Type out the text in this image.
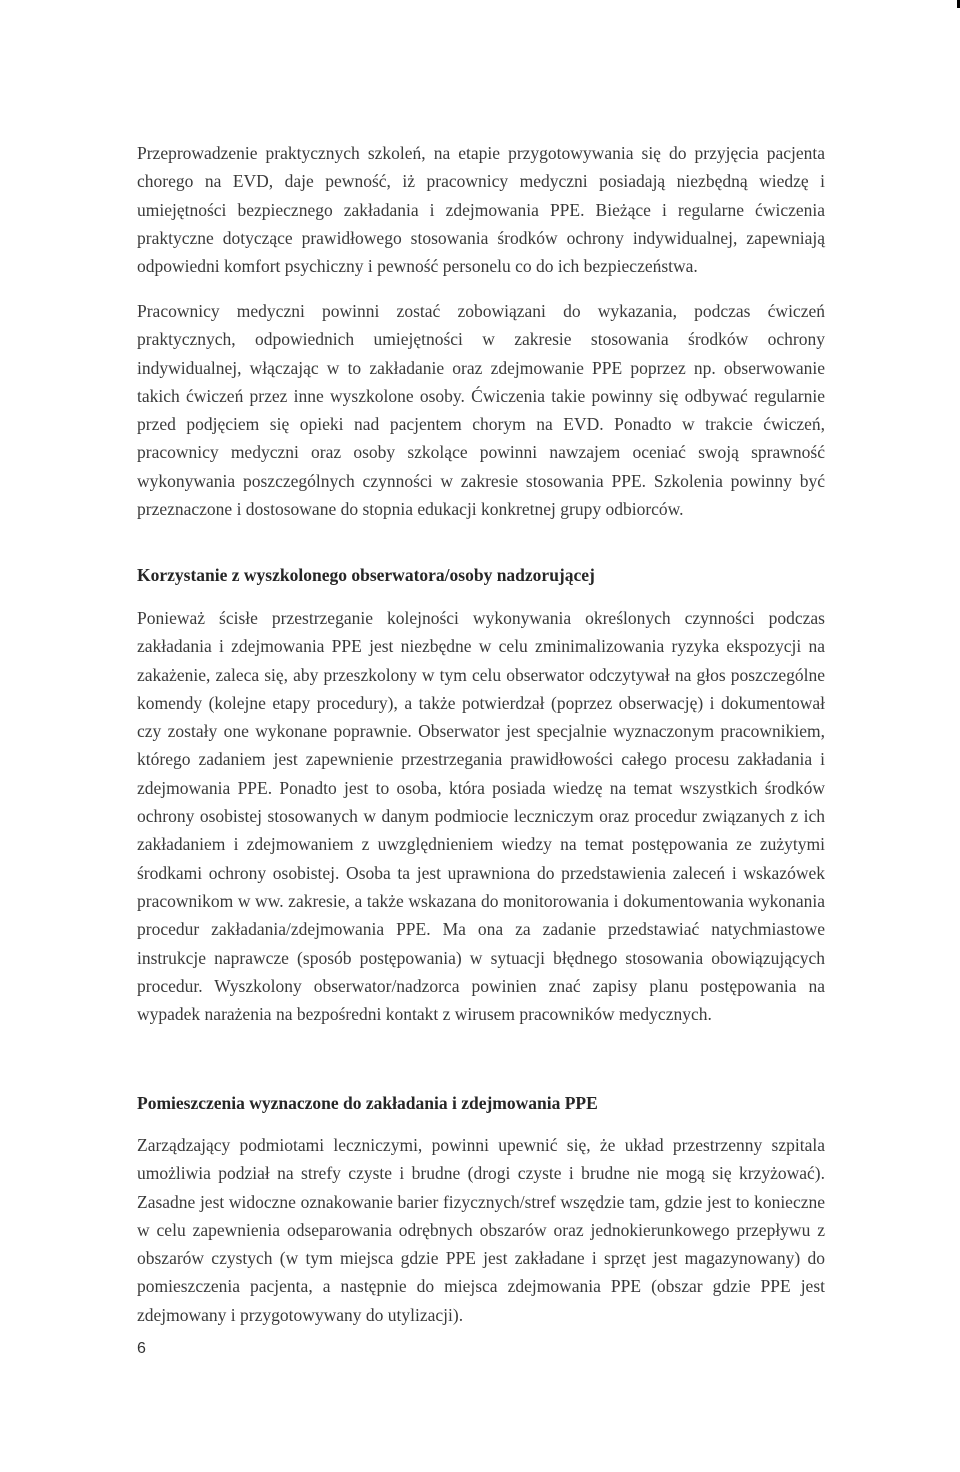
Przeprowadzenie praktycznych szkoleń, na etapie przygotowywania się do przyjęcia pacjenta chorego na EVD, daje pewność, iż pracownicy medyczni posiadają niezbędną wiedzę i umiejętności bezpiecznego zakładania i zdejmowania PPE. Bieżące i regularne ćwiczenia praktyczne dotyczące prawidłowego stosowania środków ochrony indywidualnej, zapewniają odpowiedni komfort psychiczny i pewność personelu co do ich bezpieczeństwa.

Pracownicy medyczni powinni zostać zobowiązani do wykazania, podczas ćwiczeń praktycznych, odpowiednich umiejętności w zakresie stosowania środków ochrony indywidualnej, włączając w to zakładanie oraz zdejmowanie PPE poprzez np. obserwowanie takich ćwiczeń przez inne wyszkolone osoby. Ćwiczenia takie powinny się odbywać regularnie przed podjęciem się opieki nad pacjentem chorym na EVD. Ponadto w trakcie ćwiczeń, pracownicy medyczni oraz osoby szkolące powinni nawzajem oceniać swoją sprawność wykonywania poszczególnych czynności w zakresie stosowania PPE. Szkolenia powinny być przeznaczone i dostosowane do stopnia edukacji konkretnej grupy odbiorców.

Korzystanie z wyszkolonego obserwatora/osoby nadzorującej

Ponieważ ścisłe przestrzeganie kolejności wykonywania określonych czynności podczas zakładania i zdejmowania PPE jest niezbędne w celu zminimalizowania ryzyka ekspozycji na zakażenie, zaleca się, aby przeszkolony w tym celu obserwator odczytywał na głos poszczególne komendy (kolejne etapy procedury), a także potwierdzał (poprzez obserwację) i dokumentował czy zostały one wykonane poprawnie. Obserwator jest specjalnie wyznaczonym pracownikiem, którego zadaniem jest zapewnienie przestrzegania prawidłowości całego procesu zakładania i zdejmowania PPE. Ponadto jest to osoba, która posiada wiedzę na temat wszystkich środków ochrony osobistej stosowanych w danym podmiocie leczniczym oraz procedur związanych z ich zakładaniem i zdejmowaniem z uwzględnieniem wiedzy na temat postępowania ze zużytymi środkami ochrony osobistej. Osoba ta jest uprawniona do przedstawienia zaleceń i wskazówek pracownikom w ww. zakresie, a także wskazana do monitorowania i dokumentowania wykonania procedur zakładania/zdejmowania PPE. Ma ona za zadanie przedstawiać natychmiastowe instrukcje naprawcze (sposób postępowania) w sytuacji błędnego stosowania obowiązujących procedur. Wyszkolony obserwator/nadzorca powinien znać zapisy planu postępowania na wypadek narażenia na bezpośredni kontakt z wirusem pracowników medycznych.

Pomieszczenia wyznaczone do zakładania i zdejmowania PPE

Zarządzający podmiotami leczniczymi, powinni upewnić się, że układ przestrzenny szpitala umożliwia podział na strefy czyste i brudne (drogi czyste i brudne nie mogą się krzyżować). Zasadne jest widoczne oznakowanie barier fizycznych/stref wszędzie tam, gdzie jest to konieczne w celu zapewnienia odseparowania odrębnych obszarów oraz jednokierunkowego przepływu z obszarów czystych (w tym miejsca gdzie PPE jest zakładane i sprzęt jest magazynowany) do pomieszczenia pacjenta, a następnie do miejsca zdejmowania PPE (obszar gdzie PPE jest zdejmowany i przygotowywany do utylizacji).

6
